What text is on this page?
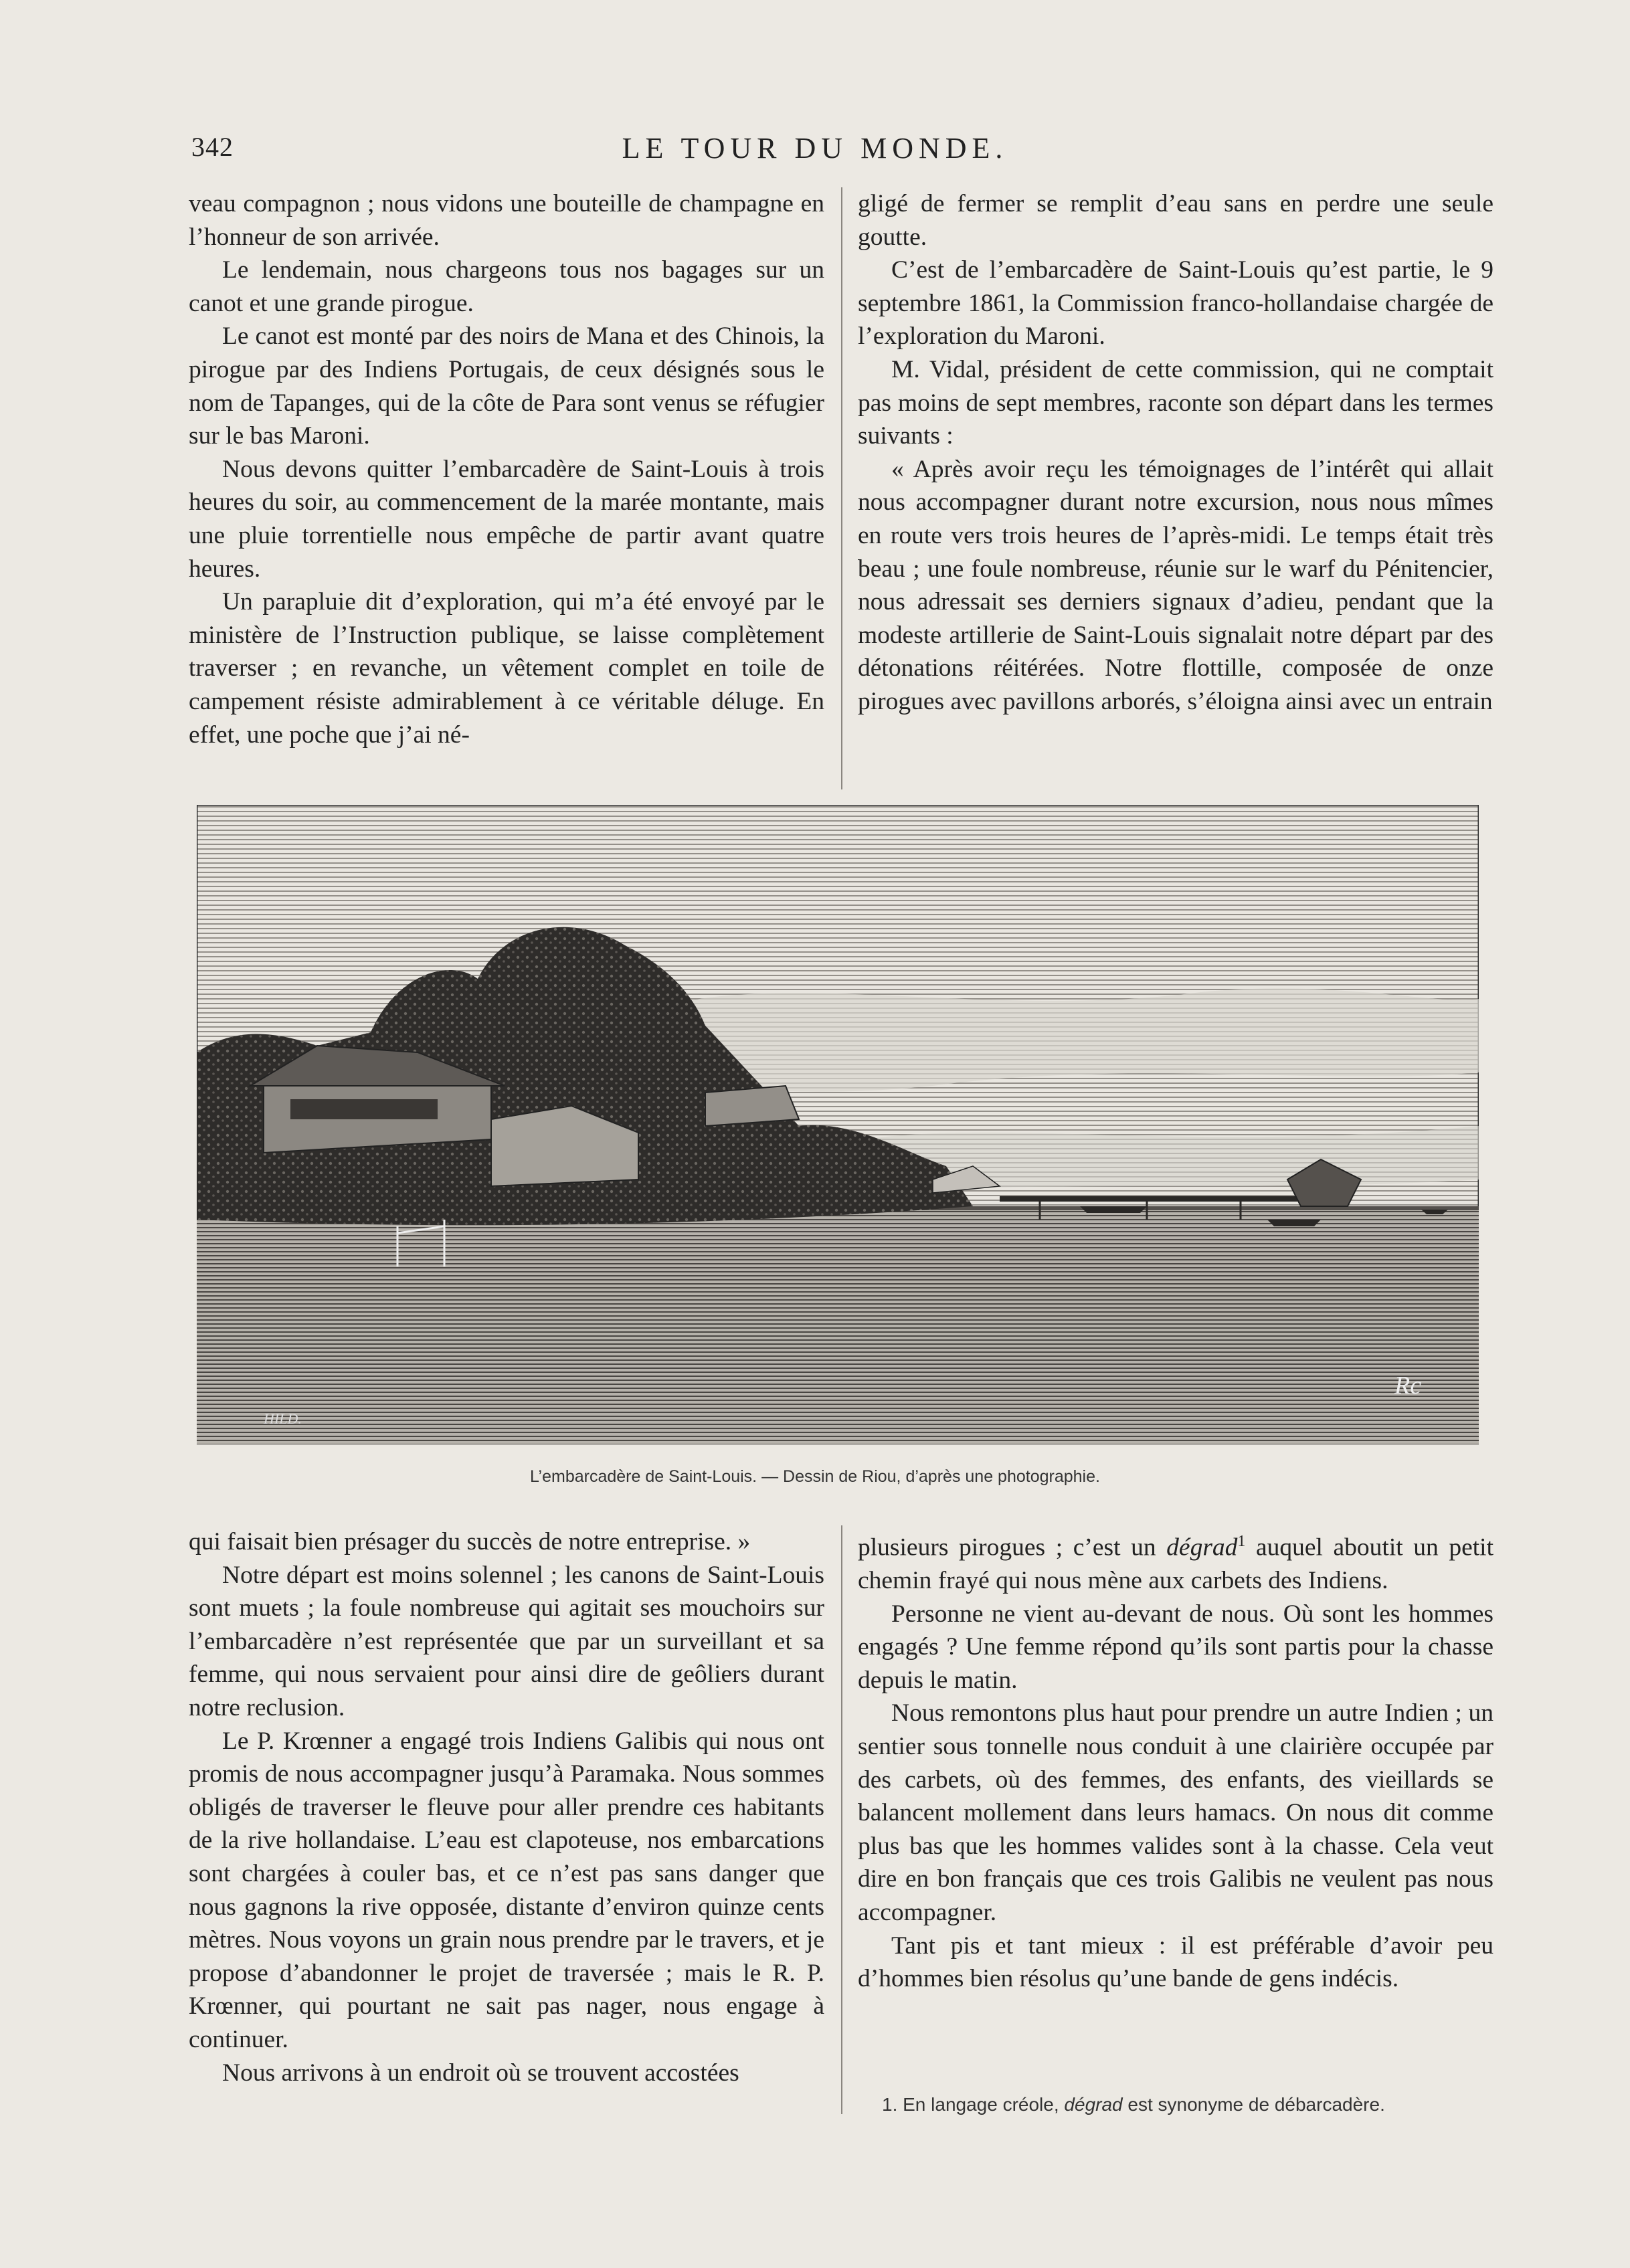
342	LE TOUR DU MONDE.

veau compagnon ; nous vidons une bouteille de champagne en l’honneur de son arrivée.

Le lendemain, nous chargeons tous nos bagages sur un canot et une grande pirogue.

Le canot est monté par des noirs de Mana et des Chinois, la pirogue par des Indiens Portugais, de ceux désignés sous le nom de Tapanges, qui de la côte de Para sont venus se réfugier sur le bas Maroni.

Nous devons quitter l’embarcadère de Saint-Louis à trois heures du soir, au commencement de la marée montante, mais une pluie torrentielle nous empêche de partir avant quatre heures.

Un parapluie dit d’exploration, qui m’a été envoyé par le ministère de l’Instruction publique, se laisse complètement traverser ; en revanche, un vêtement complet en toile de campement résiste admirablement à ce véritable déluge. En effet, une poche que j’ai né-

gligé de fermer se remplit d’eau sans en perdre une seule goutte.

C’est de l’embarcadère de Saint-Louis qu’est partie, le 9 septembre 1861, la Commission franco-hollandaise chargée de l’exploration du Maroni.

M. Vidal, président de cette commission, qui ne comptait pas moins de sept membres, raconte son départ dans les termes suivants :

« Après avoir reçu les témoignages de l’intérêt qui allait nous accompagner durant notre excursion, nous nous mîmes en route vers trois heures de l’après-midi. Le temps était très beau ; une foule nombreuse, réunie sur le warf du Pénitencier, nous adressait ses derniers signaux d’adieu, pendant que la modeste artillerie de Saint-Louis signalait notre départ par des détonations réitérées. Notre flottille, composée de onze pirogues avec pavillons arborés, s’éloigna ainsi avec un entrain

HILD.
Rc
L’embarcadère de Saint-Louis. — Dessin de Riou, d’après une photographie.

qui faisait bien présager du succès de notre entreprise. »

Notre départ est moins solennel ; les canons de Saint-Louis sont muets ; la foule nombreuse qui agitait ses mouchoirs sur l’embarcadère n’est représentée que par un surveillant et sa femme, qui nous servaient pour ainsi dire de geôliers durant notre reclusion.

Le P. Krœnner a engagé trois Indiens Galibis qui nous ont promis de nous accompagner jusqu’à Paramaka. Nous sommes obligés de traverser le fleuve pour aller prendre ces habitants de la rive hollandaise. L’eau est clapoteuse, nos embarcations sont chargées à couler bas, et ce n’est pas sans danger que nous gagnons la rive opposée, distante d’environ quinze cents mètres. Nous voyons un grain nous prendre par le travers, et je propose d’abandonner le projet de traversée ; mais le R. P. Krœnner, qui pourtant ne sait pas nager, nous engage à continuer.

Nous arrivons à un endroit où se trouvent accostées

plusieurs pirogues ; c’est un dégrad$^1$ auquel aboutit un petit chemin frayé qui nous mène aux carbets des Indiens.

Personne ne vient au-devant de nous. Où sont les hommes engagés ? Une femme répond qu’ils sont partis pour la chasse depuis le matin.

Nous remontons plus haut pour prendre un autre Indien ; un sentier sous tonnelle nous conduit à une clairière occupée par des carbets, où des femmes, des enfants, des vieillards se balancent mollement dans leurs hamacs. On nous dit comme plus bas que les hommes valides sont à la chasse. Cela veut dire en bon français que ces trois Galibis ne veulent pas nous accompagner.

Tant pis et tant mieux : il est préférable d’avoir peu d’hommes bien résolus qu’une bande de gens indécis.

1. En langage créole, dégrad est synonyme de débarcadère.
